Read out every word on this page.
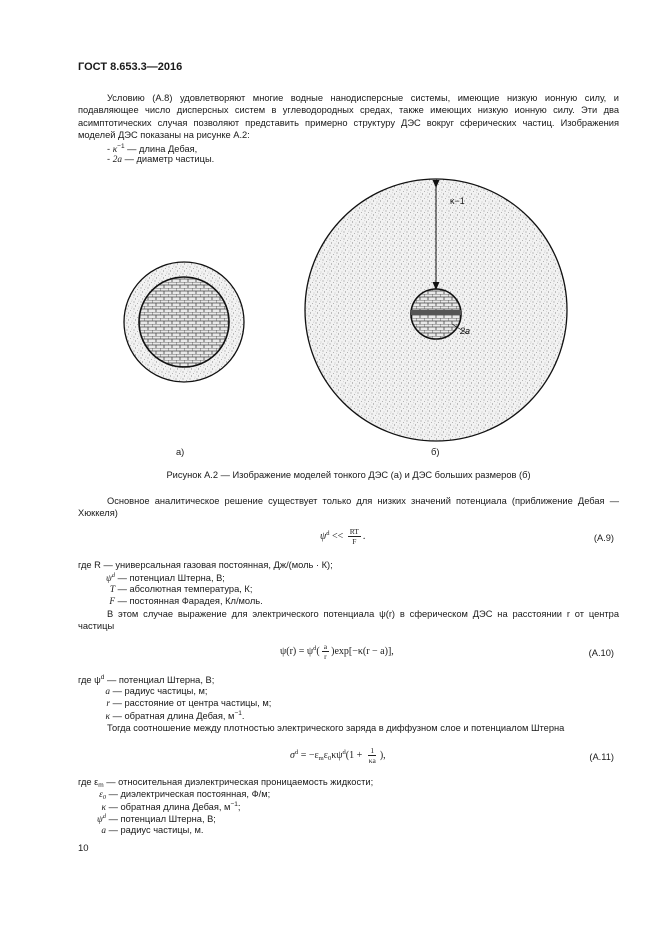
ГОСТ 8.653.3—2016
Условию (А.8) удовлетворяют многие водные нанодисперсные системы, имеющие низкую ионную силу, и подавляющее число дисперсных систем в углеводородных средах, также имеющих низкую ионную силу. Эти два асимптотических случая позволяют представить примерно структуру ДЭС вокруг сферических частиц. Изображения моделей ДЭС показаны на рисунке А.2:
- $\kappa^{-1}$ — длина Дебая,
- 2a — диаметр частицы.
κ−1
2a
а)	б)
Рисунок А.2 — Изображение моделей тонкого ДЭС (а) и ДЭС больших размеров (б)
Основное аналитическое решение существует только для низких значений потенциала (приближение Дебая — Хюккеля)
$\psi^d << \frac{RT}{F}$ .	(А.9)
где R — универсальная газовая постоянная, Дж/(моль · К);
$\psi^d$ — потенциал Штерна, В;
T — абсолютная температура, К;
F — постоянная Фарадея, Кл/моль.
В этом случае выражение для электрического потенциала ψ(r) в сферическом ДЭС на расстоянии r от центра частицы
$\psi(r) = \psi^d( \frac{a}{r} )\exp[-\kappa(r - a)]$,	(А.10)
где $\psi^d$ — потенциал Штерна, В;
a — радиус частицы, м;
r — расстояние от центра частицы, м;
κ — обратная длина Дебая, $м^{-1}$.
Тогда соотношение между плотностью электрического заряда в диффузном слое и потенциалом Штерна
$\sigma^d = -\varepsilon_m\varepsilon_0\kappa\psi^d(1 + \frac{1}{\kappa a}$ ),	(А.11)
где $\varepsilon_m$ — относительная диэлектрическая проницаемость жидкости;
$\varepsilon_0$ — диэлектрическая постоянная, Ф/м;
κ — обратная длина Дебая, $м^{-1}$;
$\psi^d$ — потенциал Штерна, В;
a — радиус частицы, м.
10
